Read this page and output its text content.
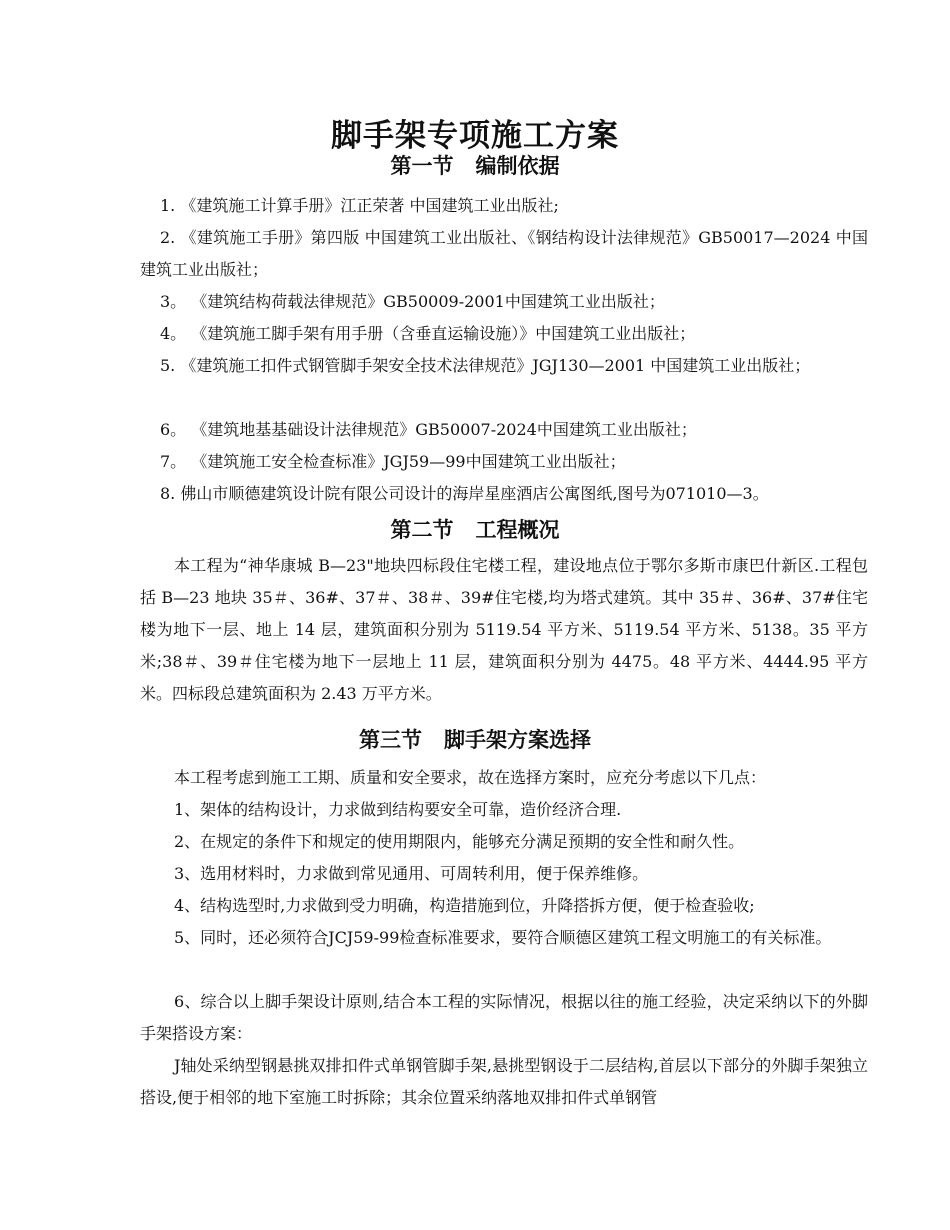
脚手架专项施工方案
第一节 编制依据
1. 《建筑施工计算手册》江正荣著 中国建筑工业出版社;
2. 《建筑施工手册》第四版 中国建筑工业出版社、《钢结构设计法律规范》GB50017—2024 中国建筑工业出版社；
3。 《建筑结构荷载法律规范》GB50009-2001中国建筑工业出版社；
4。 《建筑施工脚手架有用手册（含垂直运输设施）》中国建筑工业出版社；
5. 《建筑施工扣件式钢管脚手架安全技术法律规范》JGJ130—2001 中国建筑工业出版社；
6。 《建筑地基基础设计法律规范》GB50007-2024中国建筑工业出版社；
7。 《建筑施工安全检查标准》JGJ59—99中国建筑工业出版社；
8. 佛山市顺德建筑设计院有限公司设计的海岸星座酒店公寓图纸,图号为071010—3。
第二节 工程概况
本工程为“神华康城 B—23"地块四标段住宅楼工程，建设地点位于鄂尔多斯市康巴什新区.工程包括 B—23 地块 35＃、36#、37＃、38＃、39#住宅楼,均为塔式建筑。其中 35＃、36#、37#住宅楼为地下一层、地上 14 层，建筑面积分别为 5119.54 平方米、5119.54 平方米、5138。35 平方米;38＃、39＃住宅楼为地下一层地上 11 层，建筑面积分别为 4475。48 平方米、4444.95 平方米。四标段总建筑面积为 2.43 万平方米。
第三节 脚手架方案选择
本工程考虑到施工工期、质量和安全要求，故在选择方案时，应充分考虑以下几点：
1、架体的结构设计，力求做到结构要安全可靠，造价经济合理.
2、在规定的条件下和规定的使用期限内，能够充分满足预期的安全性和耐久性。
3、选用材料时，力求做到常见通用、可周转利用，便于保养维修。
4、结构选型时,力求做到受力明确，构造措施到位，升降搭拆方便，便于检查验收;
5、同时，还必须符合JCJ59-99检查标准要求，要符合顺德区建筑工程文明施工的有关标准。
6、综合以上脚手架设计原则,结合本工程的实际情况，根据以往的施工经验，决定采纳以下的外脚手架搭设方案：
J轴处采纳型钢悬挑双排扣件式单钢管脚手架,悬挑型钢设于二层结构,首层以下部分的外脚手架独立搭设,便于相邻的地下室施工时拆除；其余位置采纳落地双排扣件式单钢管
